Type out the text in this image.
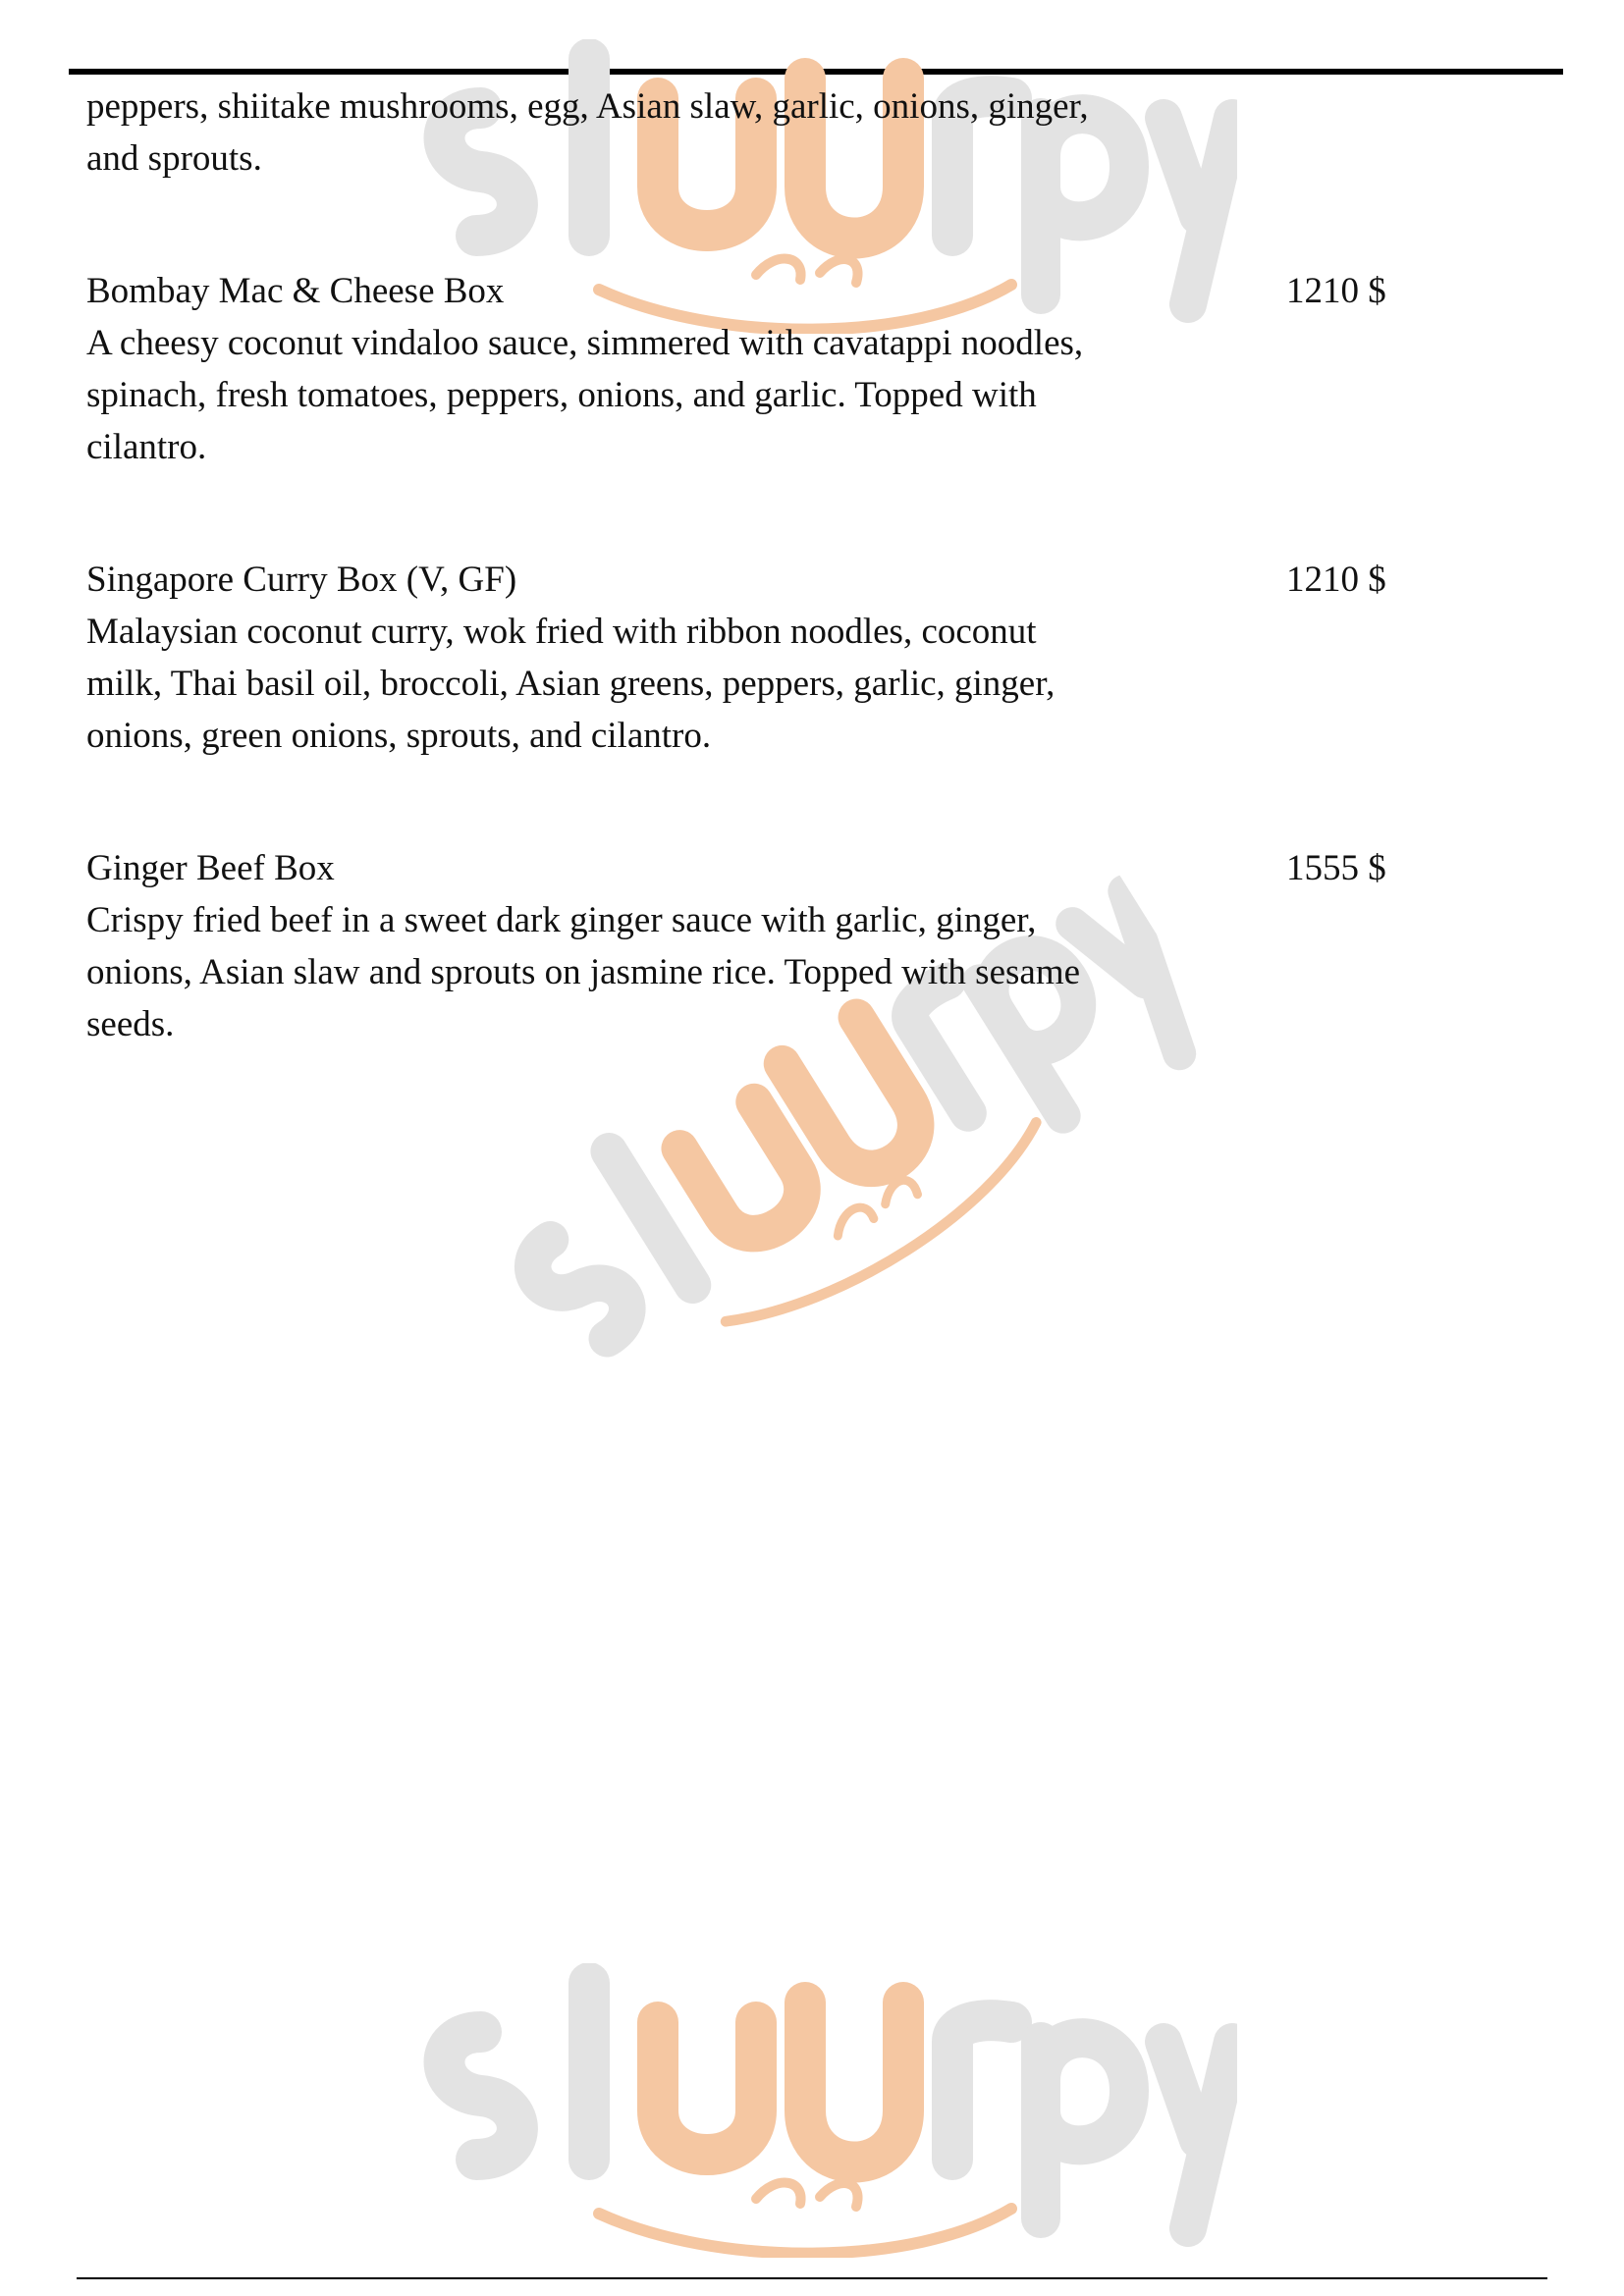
peppers, shiitake mushrooms, egg, Asian slaw, garlic, onions, ginger,
and sprouts.

Bombay Mac & Cheese Box

A cheesy coconut vindaloo sauce, simmered with cavatappi noodles,
spinach, fresh tomatoes, peppers, onions, and garlic. Topped with
cilantro.

1210 $

Singapore Curry Box (V, GF)

Malaysian coconut curry, wok fried with ribbon noodles, coconut
milk, Thai basil oil, broccoli, Asian greens, peppers, garlic, ginger,
onions, green onions, sprouts, and cilantro.

1210 $

Ginger Beef Box

Crispy fried beef in a sweet dark ginger sauce with garlic, ginger,
onions, Asian slaw and sprouts on jasmine rice. Topped with sesame
seeds.

1555 $
